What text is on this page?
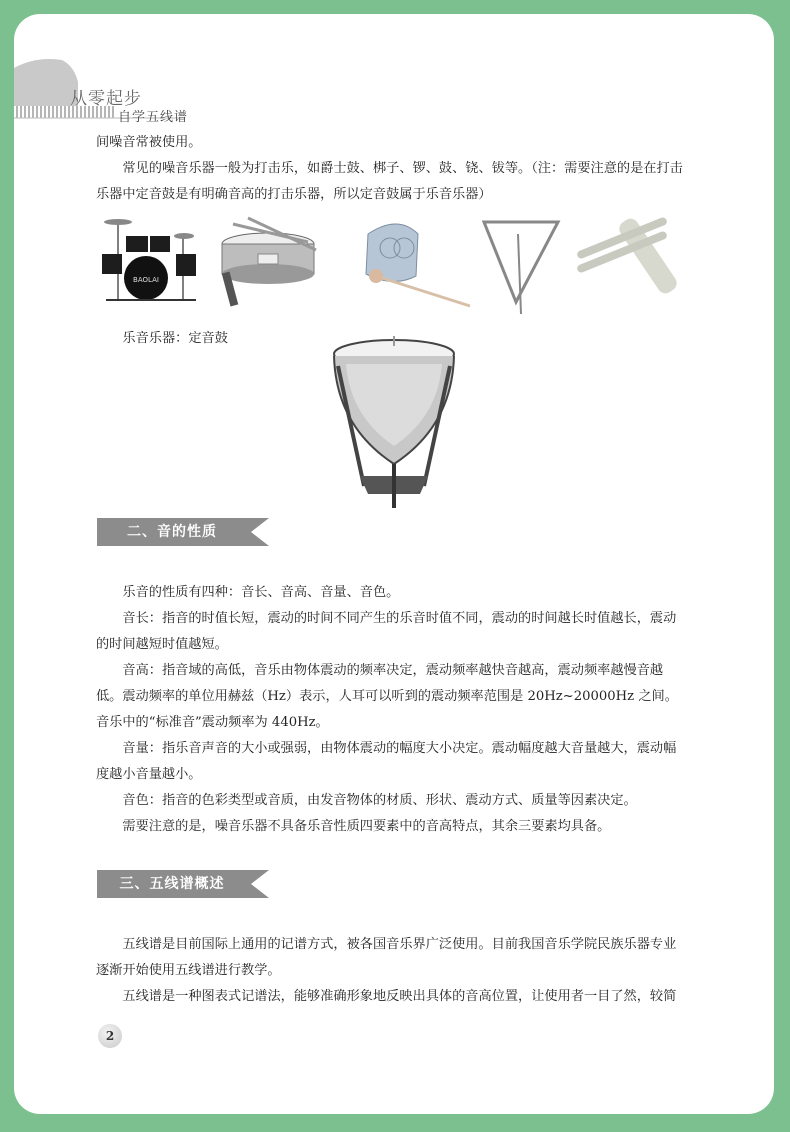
从零起步
自学五线谱

间噪音常被使用。

常见的噪音乐器一般为打击乐，如爵士鼓、梆子、锣、鼓、铙、钹等。（注：需要注意的是在打击乐器中定音鼓是有明确音高的打击乐器，所以定音鼓属于乐音乐器）

BAOLAI

乐音乐器：定音鼓

二、音的性质

乐音的性质有四种：音长、音高、音量、音色。

音长：指音的时值长短，震动的时间不同产生的乐音时值不同，震动的时间越长时值越长，震动的时间越短时值越短。

音高：指音域的高低，音乐由物体震动的频率决定，震动频率越快音越高，震动频率越慢音越低。震动频率的单位用赫兹（Hz）表示，人耳可以听到的震动频率范围是 20Hz~20000Hz 之间。音乐中的“标准音”震动频率为 440Hz。

音量：指乐音声音的大小或强弱，由物体震动的幅度大小决定。震动幅度越大音量越大，震动幅度越小音量越小。

音色：指音的色彩类型或音质，由发音物体的材质、形状、震动方式、质量等因素决定。

需要注意的是，噪音乐器不具备乐音性质四要素中的音高特点，其余三要素均具备。

三、五线谱概述

五线谱是目前国际上通用的记谱方式，被各国音乐界广泛使用。目前我国音乐学院民族乐器专业逐渐开始使用五线谱进行教学。

五线谱是一种图表式记谱法，能够准确形象地反映出具体的音高位置，让使用者一目了然，较简

2
